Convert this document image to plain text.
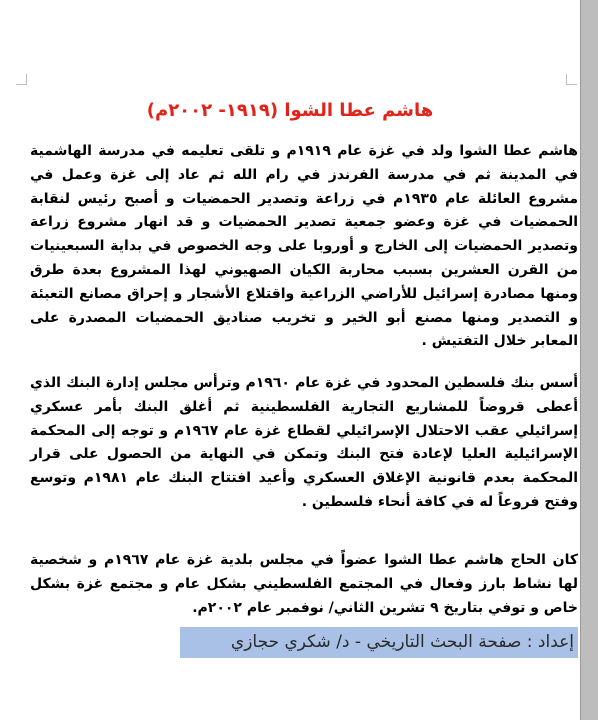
هاشم عطا الشوا (١٩١٩- ٢٠٠٢م)

هاشم عطا الشوا ولد في غزة عام ١٩١٩م و تلقى تعليمه في مدرسة الهاشمية في المدينة ثم في مدرسة الفرندز في رام الله ثم عاد إلى غزة وعمل في مشروع العائلة عام ١٩٣٥م في زراعة وتصدير الحمضيات و أصبح رئيس لنقابة الحمضيات في غزة وعضو جمعية تصدير الحمضيات و قد انهار مشروع زراعة وتصدير الحمضيات إلى الخارج و أوروبا على وجه الخصوص في بداية السبعينيات من القرن العشرين بسبب محاربة الكيان الصهيوني لهذا المشروع بعدة طرق ومنها مصادرة إسرائيل للأراضي الزراعية واقتلاع الأشجار و إحراق مصانع التعبئة و التصدير ومنها مصنع أبو الخير و تخريب صناديق الحمضيات المصدرة على المعابر خلال التفتيش .

أسس بنك فلسطين المحدود في غزة عام ١٩٦٠م وترأس مجلس إدارة البنك الذي أعطى قروضاً للمشاريع التجارية الفلسطينية ثم أغلق البنك بأمر عسكري إسرائيلي عقب الاحتلال الإسرائيلي لقطاع غزة عام ١٩٦٧م و توجه إلى المحكمة الإسرائيلية العليا لإعادة فتح البنك وتمكن في النهاية من الحصول على قرار المحكمة بعدم قانونية الإغلاق العسكري وأعيد افتتاح البنك عام ١٩٨١م وتوسع وفتح فروعاً له في كافة أنحاء فلسطين .

كان الحاج هاشم عطا الشوا عضواً في مجلس بلدية غزة عام ١٩٦٧م و شخصية لها نشاط بارز وفعال في المجتمع الفلسطيني بشكل عام و مجتمع غزة بشكل خاص و توفي بتاريخ ٩ تشرين الثاني/ نوفمبر عام ٢٠٠٢م.

إعداد : صفحة البحث التاريخي - د/ شكري حجازي
